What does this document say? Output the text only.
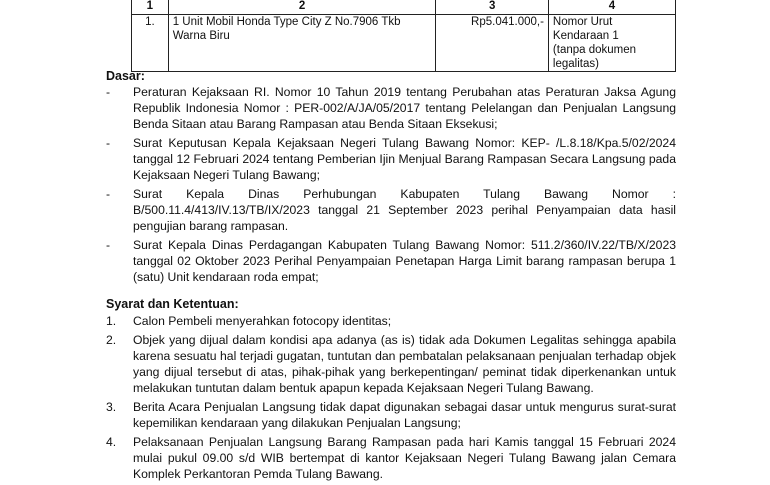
1	2	3	4
1.	1 Unit Mobil Honda Type City Z No.7906 Tkb Warna Biru	Rp5.041.000,-	Nomor Urut Kendaraan 1
(tanpa dokumen legalitas)
Dasar:
-	Peraturan Kejaksaan RI. Nomor 10 Tahun 2019 tentang Perubahan atas Peraturan Jaksa Agung Republik Indonesia Nomor : PER-002/A/JA/05/2017 tentang Pelelangan dan Penjualan Langsung Benda Sitaan atau Barang Rampasan atau Benda Sitaan Eksekusi;
-	Surat Keputusan Kepala Kejaksaan Negeri Tulang Bawang Nomor: KEP- /L.8.18/Kpa.5/02/2024 tanggal 12 Februari 2024 tentang Pemberian Ijin Menjual Barang Rampasan Secara Langsung pada Kejaksaan Negeri Tulang Bawang;
-	Surat Kepala Dinas Perhubungan Kabupaten Tulang Bawang Nomor : B/500.11.4/413/IV.13/TB/IX/2023 tanggal 21 September 2023 perihal Penyampaian data hasil pengujian barang rampasan.
-	Surat Kepala Dinas Perdagangan Kabupaten Tulang Bawang Nomor: 511.2/360/IV.22/TB/X/2023 tanggal 02 Oktober 2023 Perihal Penyampaian Penetapan Harga Limit barang rampasan berupa 1 (satu) Unit kendaraan roda empat;
Syarat dan Ketentuan:
1.	Calon Pembeli menyerahkan fotocopy identitas;
2.	Objek yang dijual dalam kondisi apa adanya (as is) tidak ada Dokumen Legalitas sehingga apabila karena sesuatu hal terjadi gugatan, tuntutan dan pembatalan pelaksanaan penjualan terhadap objek yang dijual tersebut di atas, pihak-pihak yang berkepentingan/ peminat tidak diperkenankan untuk melakukan tuntutan dalam bentuk apapun kepada Kejaksaan Negeri Tulang Bawang.
3.	Berita Acara Penjualan Langsung tidak dapat digunakan sebagai dasar untuk mengurus surat-surat kepemilikan kendaraan yang dilakukan Penjualan Langsung;
4.	Pelaksanaan Penjualan Langsung Barang Rampasan pada hari Kamis tanggal 15 Februari 2024 mulai pukul 09.00 s/d WIB bertempat di kantor Kejaksaan Negeri Tulang Bawang jalan Cemara Komplek Perkantoran Pemda Tulang Bawang.
